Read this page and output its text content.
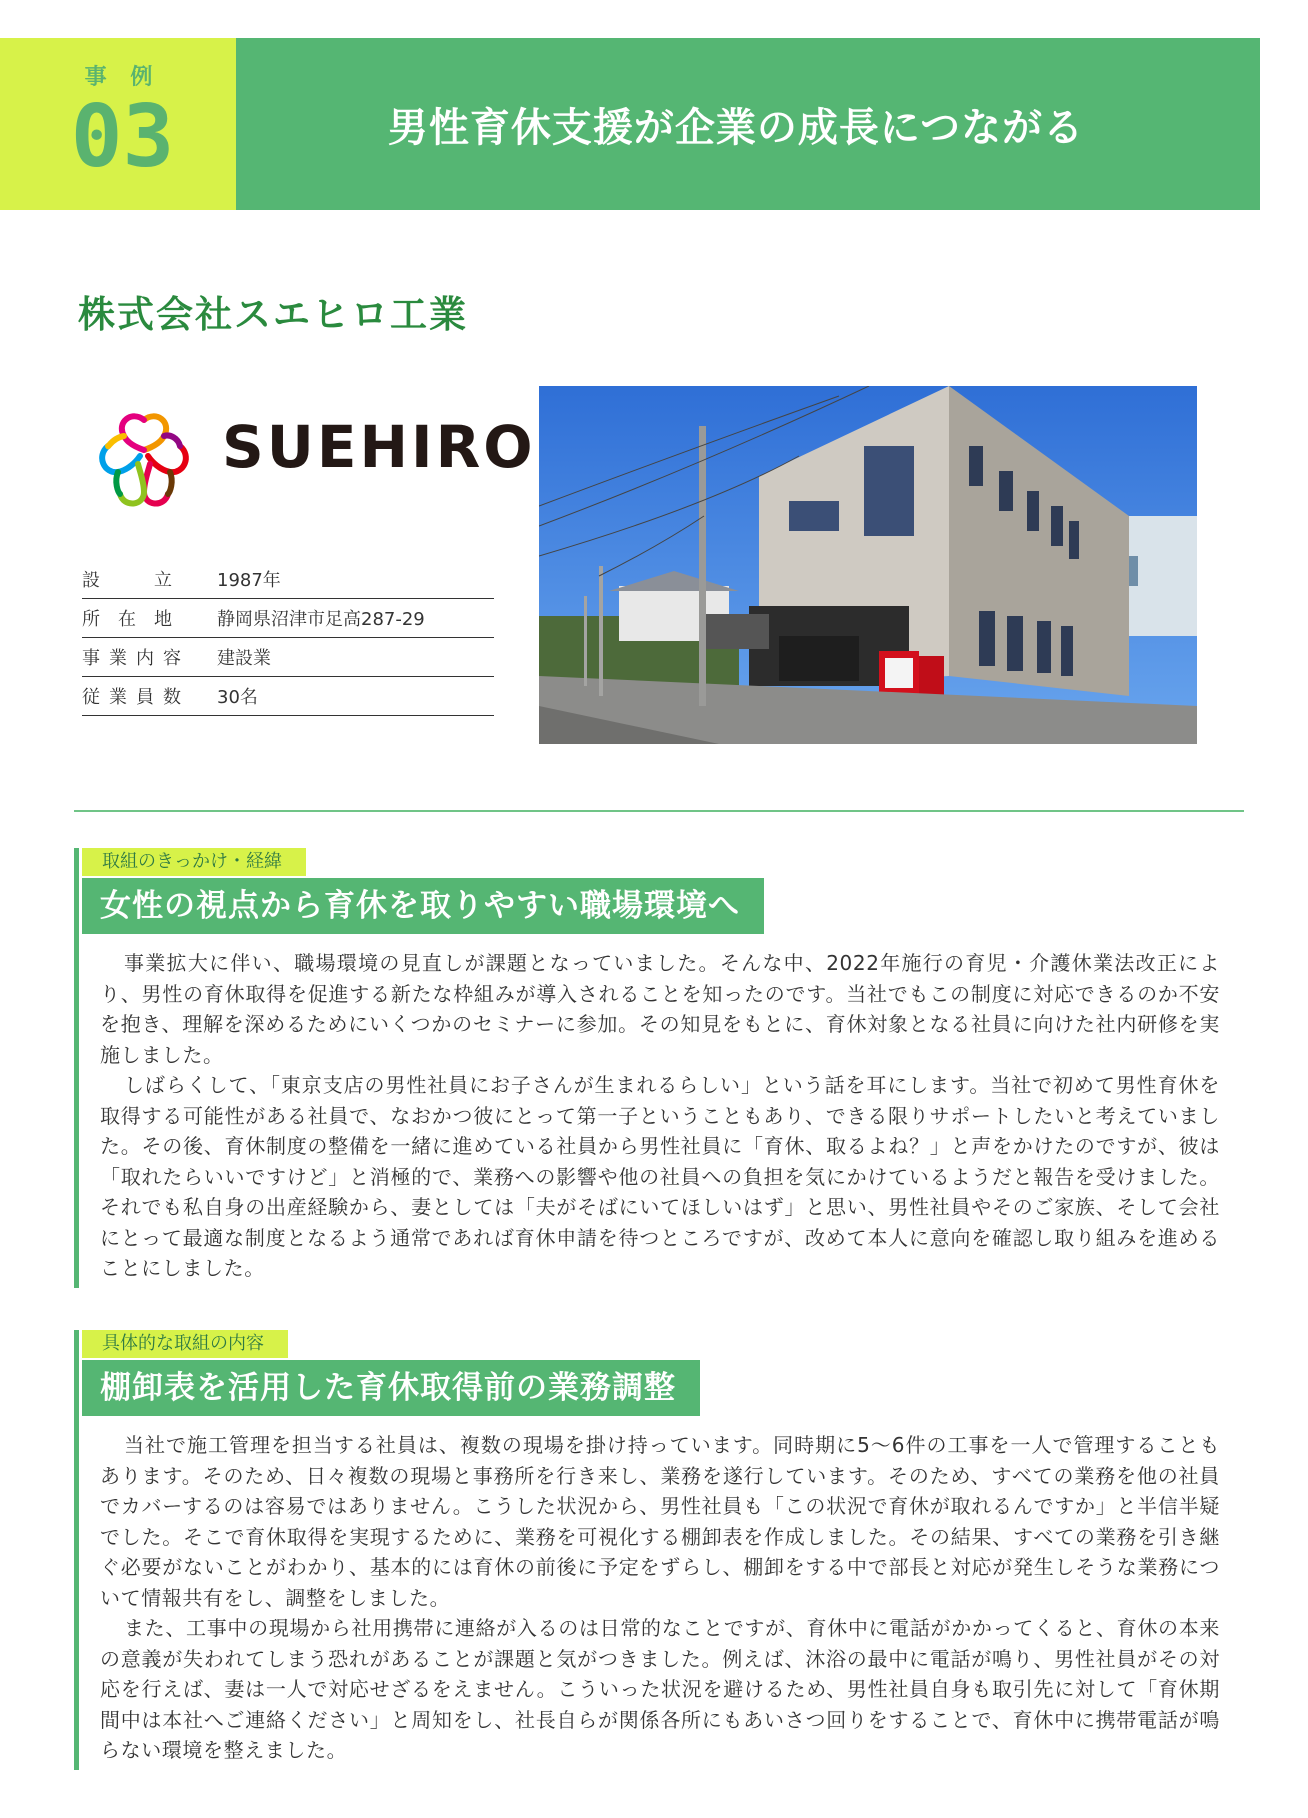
事 例
03	男性育休支援が企業の成長につながる
株式会社スエヒロ工業
SUEHIRO
設　　　立	1987年
所　在　地	静岡県沼津市足高287-29
事業内容	建設業
従業員数	30名
取組のきっかけ・経緯
女性の視点から育休を取りやすい職場環境へ

事業拡大に伴い、職場環境の見直しが課題となっていました。そんな中、2022年施行の育児・介護休業法改正により、男性の育休取得を促進する新たな枠組みが導入されることを知ったのです。当社でもこの制度に対応できるのか不安を抱き、理解を深めるためにいくつかのセミナーに参加。その知見をもとに、育休対象となる社員に向けた社内研修を実施しました。

しばらくして、「東京支店の男性社員にお子さんが生まれるらしい」という話を耳にします。当社で初めて男性育休を取得する可能性がある社員で、なおかつ彼にとって第一子ということもあり、できる限りサポートしたいと考えていました。その後、育休制度の整備を一緒に進めている社員から男性社員に「育休、取るよね？」と声をかけたのですが、彼は「取れたらいいですけど」と消極的で、業務への影響や他の社員への負担を気にかけているようだと報告を受けました。それでも私自身の出産経験から、妻としては「夫がそばにいてほしいはず」と思い、男性社員やそのご家族、そして会社にとって最適な制度となるよう通常であれば育休申請を待つところですが、改めて本人に意向を確認し取り組みを進めることにしました。

具体的な取組の内容
棚卸表を活用した育休取得前の業務調整

当社で施工管理を担当する社員は、複数の現場を掛け持っています。同時期に5〜6件の工事を一人で管理することもあります。そのため、日々複数の現場と事務所を行き来し、業務を遂行しています。そのため、すべての業務を他の社員でカバーするのは容易ではありません。こうした状況から、男性社員も「この状況で育休が取れるんですか」と半信半疑でした。そこで育休取得を実現するために、業務を可視化する棚卸表を作成しました。その結果、すべての業務を引き継ぐ必要がないことがわかり、基本的には育休の前後に予定をずらし、棚卸をする中で部長と対応が発生しそうな業務について情報共有をし、調整をしました。

また、工事中の現場から社用携帯に連絡が入るのは日常的なことですが、育休中に電話がかかってくると、育休の本来の意義が失われてしまう恐れがあることが課題と気がつきました。例えば、沐浴の最中に電話が鳴り、男性社員がその対応を行えば、妻は一人で対応せざるをえません。こういった状況を避けるため、男性社員自身も取引先に対して「育休期間中は本社へご連絡ください」と周知をし、社長自らが関係各所にもあいさつ回りをすることで、育休中に携帯電話が鳴らない環境を整えました。
